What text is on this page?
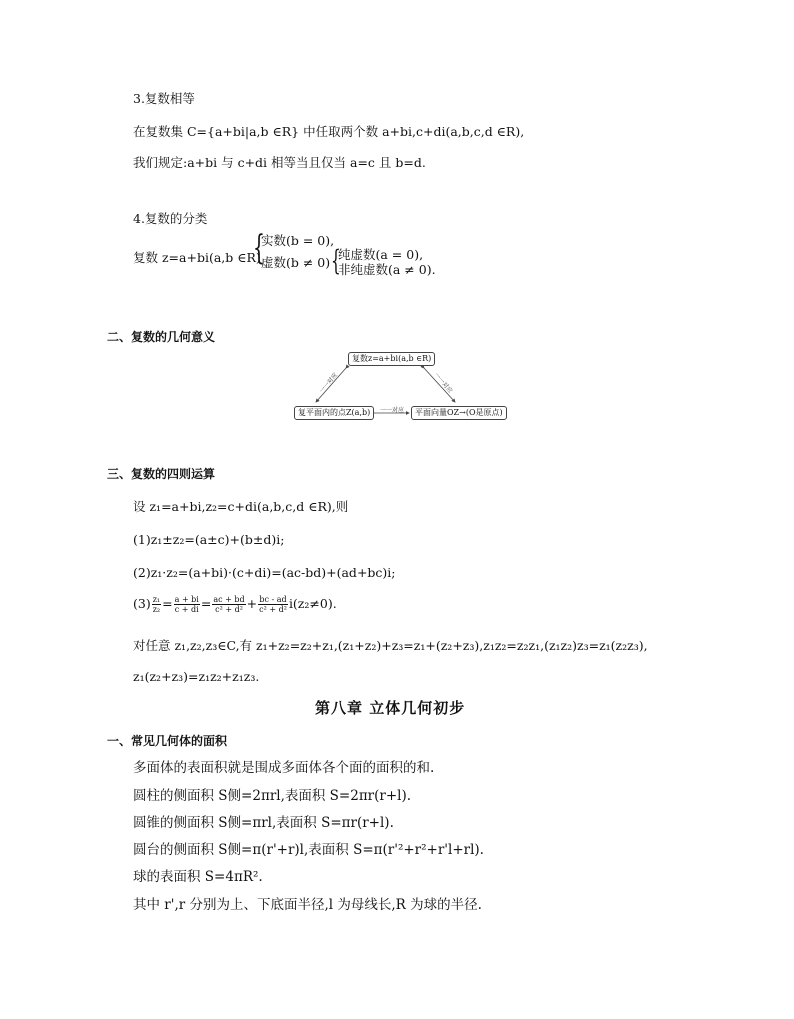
3.复数相等
在复数集 C={a+bi|a,b ∈R} 中任取两个数 a+bi,c+di(a,b,c,d ∈R),
我们规定:a+bi 与 c+di 相等当且仅当 a=c 且 b=d.
4.复数的分类
复数 z=a+bi(a,b ∈R)
{
实数(b = 0),
虚数(b ≠ 0) {
纯虚数(a = 0),
非纯虚数(a ≠ 0).
二、复数的几何意义
复数z=a+bi(a,b ∈R)
复平面内的点Z(a,b)	平面向量OZ→(O是原点)
一一对应	一一对应
一一对应
三、复数的四则运算
设 z₁=a+bi,z₂=c+di(a,b,c,d ∈R),则
(1)z₁±z₂=(a±c)+(b±d)i;
(2)z₁·z₂=(a+bi)·(c+di)=(ac-bd)+(ad+bc)i;
$(3) \frac{\text{z₁}}{\text{z₂}} = \frac{a + bi}{c + di} = \frac{ac + bd}{\text{c² + d²}} + \frac{bc - ad}{\text{c² + d²}} i(z_2\ne 0)$.
对任意 z₁,z₂,z₃∈C,有 z₁+z₂=z₂+z₁,(z₁+z₂)+z₃=z₁+(z₂+z₃),z₁z₂=z₂z₁,(z₁z₂)z₃=z₁(z₂z₃),
z₁(z₂+z₃)=z₁z₂+z₁z₃.
第八章 立体几何初步
一、常见几何体的面积
多面体的表面积就是围成多面体各个面的面积的和.
圆柱的侧面积 S侧=2πrl,表面积 S=2πr(r+l).
圆锥的侧面积 S侧=πrl,表面积 S=πr(r+l).
圆台的侧面积 S侧=π(r'+r)l,表面积 S=π(r'²+r²+r'l+rl).
球的表面积 S=4πR².
其中 r',r 分别为上、下底面半径,l 为母线长,R 为球的半径.
